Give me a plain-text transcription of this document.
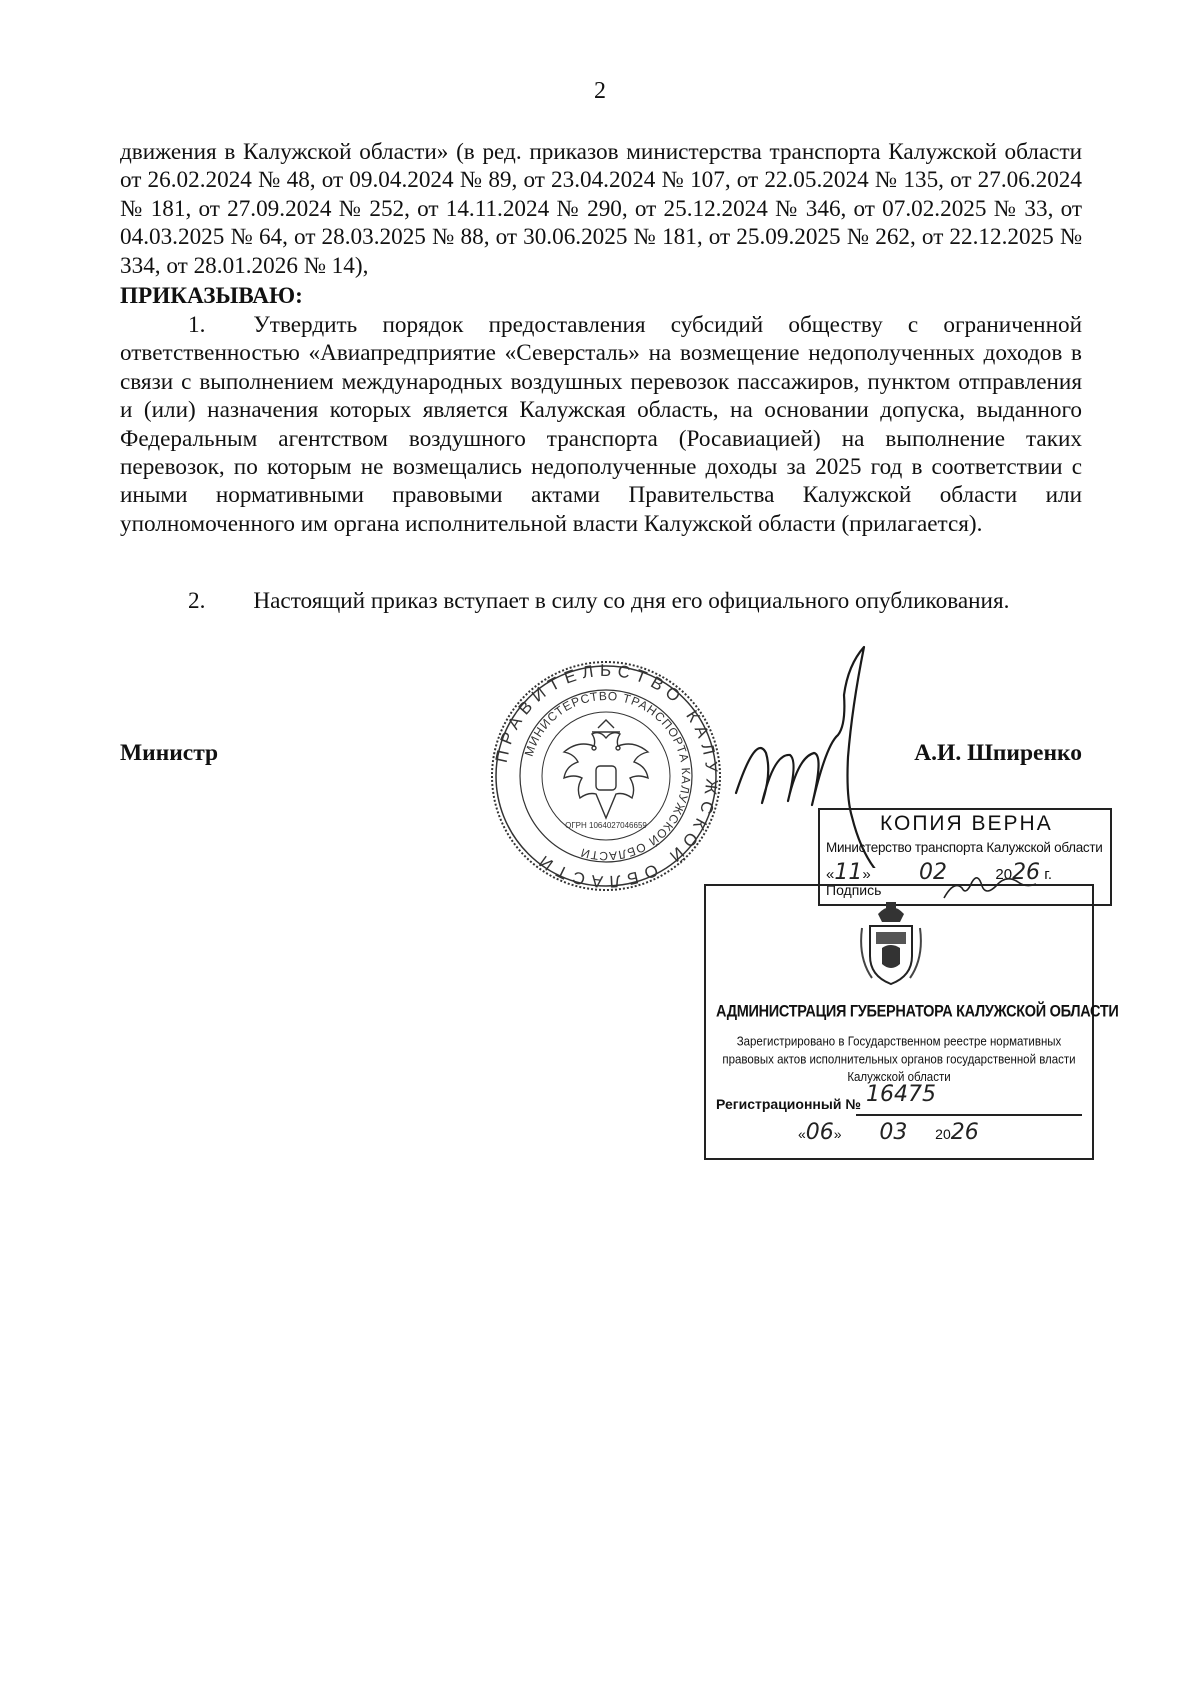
2
движения в Калужской области» (в ред. приказов министерства транспорта Калужской области от 26.02.2024 № 48, от 09.04.2024 № 89, от 23.04.2024 № 107, от 22.05.2024 № 135, от 27.06.2024 № 181, от 27.09.2024 № 252, от 14.11.2024 № 290, от 25.12.2024 № 346, от 07.02.2025 № 33, от 04.03.2025 № 64, от 28.03.2025 № 88, от 30.06.2025 № 181, от 25.09.2025 № 262, от 22.12.2025 № 334, от 28.01.2026 № 14),
ПРИКАЗЫВАЮ:
1. Утвердить порядок предоставления субсидий обществу с ограниченной ответственностью «Авиапредприятие «Северсталь» на возмещение недополученных доходов в связи с выполнением международных воздушных перевозок пассажиров, пунктом отправления и (или) назначения которых является Калужская область, на основании допуска, выданного Федеральным агентством воздушного транспорта (Росавиацией) на выполнение таких перевозок, по которым не возмещались недополученные доходы за 2025 год в соответствии с иными нормативными правовыми актами Правительства Калужской области или уполномоченного им органа исполнительной власти Калужской области (прилагается).
2. Настоящий приказ вступает в силу со дня его официального опубликования.
Министр	А.И. Шпиренко
ПРАВИТЕЛЬСТВО КАЛУЖСКОЙ ОБЛАСТИ
МИНИСТЕРСТВО ТРАНСПОРТА КАЛУЖСКОЙ ОБЛАСТИ
ОГРН 1064027046659	КОПИЯ ВЕРНА
Министерство транспорта Калужской области
«11» 02	2026 г.
Подпись
АДМИНИСТРАЦИЯ ГУБЕРНАТОРА КАЛУЖСКОЙ ОБЛАСТИ
Зарегистрировано в Государственном реестре нормативных правовых актов исполнительных органов государственной власти Калужской области
Регистрационный № 16475
«06» 03 2026
